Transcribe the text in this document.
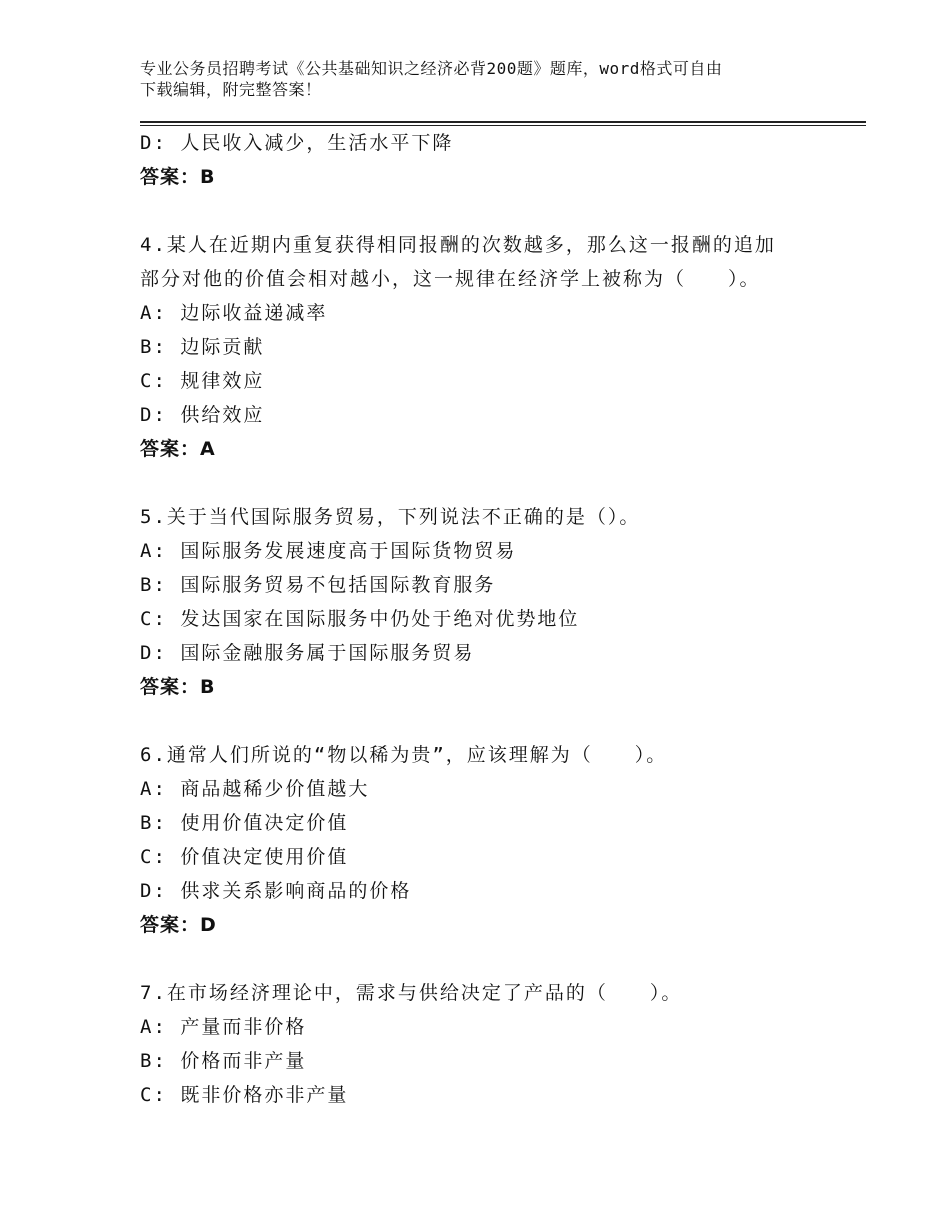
专业公务员招聘考试《公共基础知识之经济必背200题》题库，word格式可自由
下载编辑，附完整答案！
D: 人民收入减少，生活水平下降
答案：B
4.某人在近期内重复获得相同报酬的次数越多，那么这一报酬的追加
部分对他的价值会相对越小，这一规律在经济学上被称为（　　）。
A: 边际收益递减率
B: 边际贡献
C: 规律效应
D: 供给效应
答案：A
5.关于当代国际服务贸易，下列说法不正确的是（）。
A: 国际服务发展速度高于国际货物贸易
B: 国际服务贸易不包括国际教育服务
C: 发达国家在国际服务中仍处于绝对优势地位
D: 国际金融服务属于国际服务贸易
答案：B
6.通常人们所说的“物以稀为贵”，应该理解为（　　）。
A: 商品越稀少价值越大
B: 使用价值决定价值
C: 价值决定使用价值
D: 供求关系影响商品的价格
答案：D
7.在市场经济理论中，需求与供给决定了产品的（　　）。
A: 产量而非价格
B: 价格而非产量
C: 既非价格亦非产量
